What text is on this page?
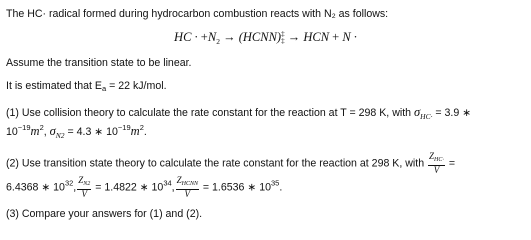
The HC· radical formed during hydrocarbon combustion reacts with N₂ as follows:
HC · $+N_2$ → (HCNN) ‡
‡ → HCN + N ·
Assume the transition state to be linear.
It is estimated that Ea = 22 kJ/mol.
(1) Use collision theory to calculate the rate constant for the reaction at T = 298 K, with $\sigma_{HC\cdot} = 3.9$ ∗
$10^{-19}m^2$, $\sigma_{N2} = 4.3$ ∗ $10^{-19}m^2$.
(2) Use transition state theory to calculate the rate constant for the reaction at 298 K, with $\frac{Z_{HC\cdot}}{V}$ =
6.4368 ∗ $10^{32}$, $\frac{Z_{N2}}{V} = 1.4822$ ∗ $10^{34}$, $\frac{Z_{HCNN}}{V} = 1.6536$ ∗ $10^{35}$.
(3) Compare your answers for (1) and (2).
